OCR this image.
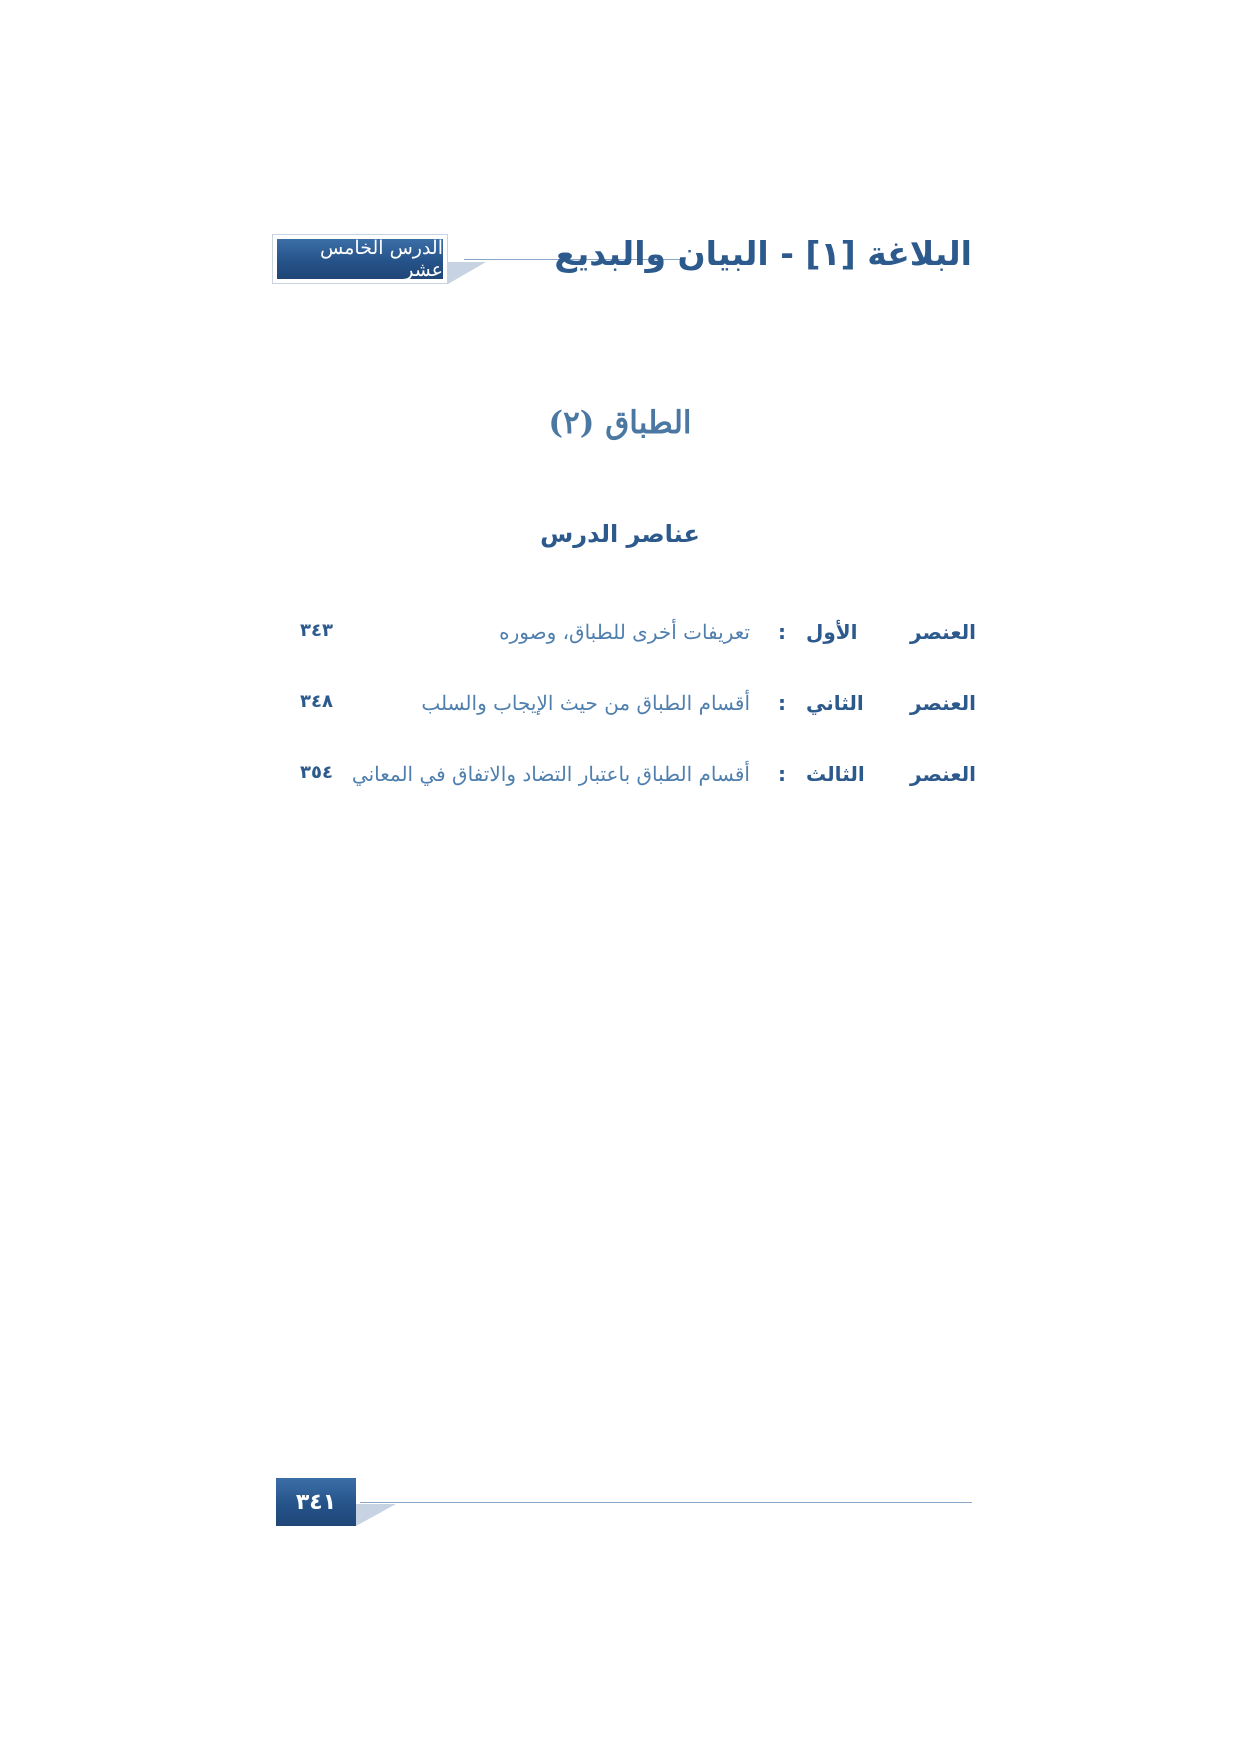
الدرس الخامس عشر	البلاغة [١] - البيان والبديع
الطباق (٢)
عناصر الدرس
العنصر الأول
:
تعريفات أخرى للطباق، وصوره
٣٤٣
العنصر الثاني
:
أقسام الطباق من حيث الإيجاب والسلب
٣٤٨
العنصر الثالث
:
أقسام الطباق باعتبار التضاد والاتفاق في المعاني
٣٥٤
٣٤١
